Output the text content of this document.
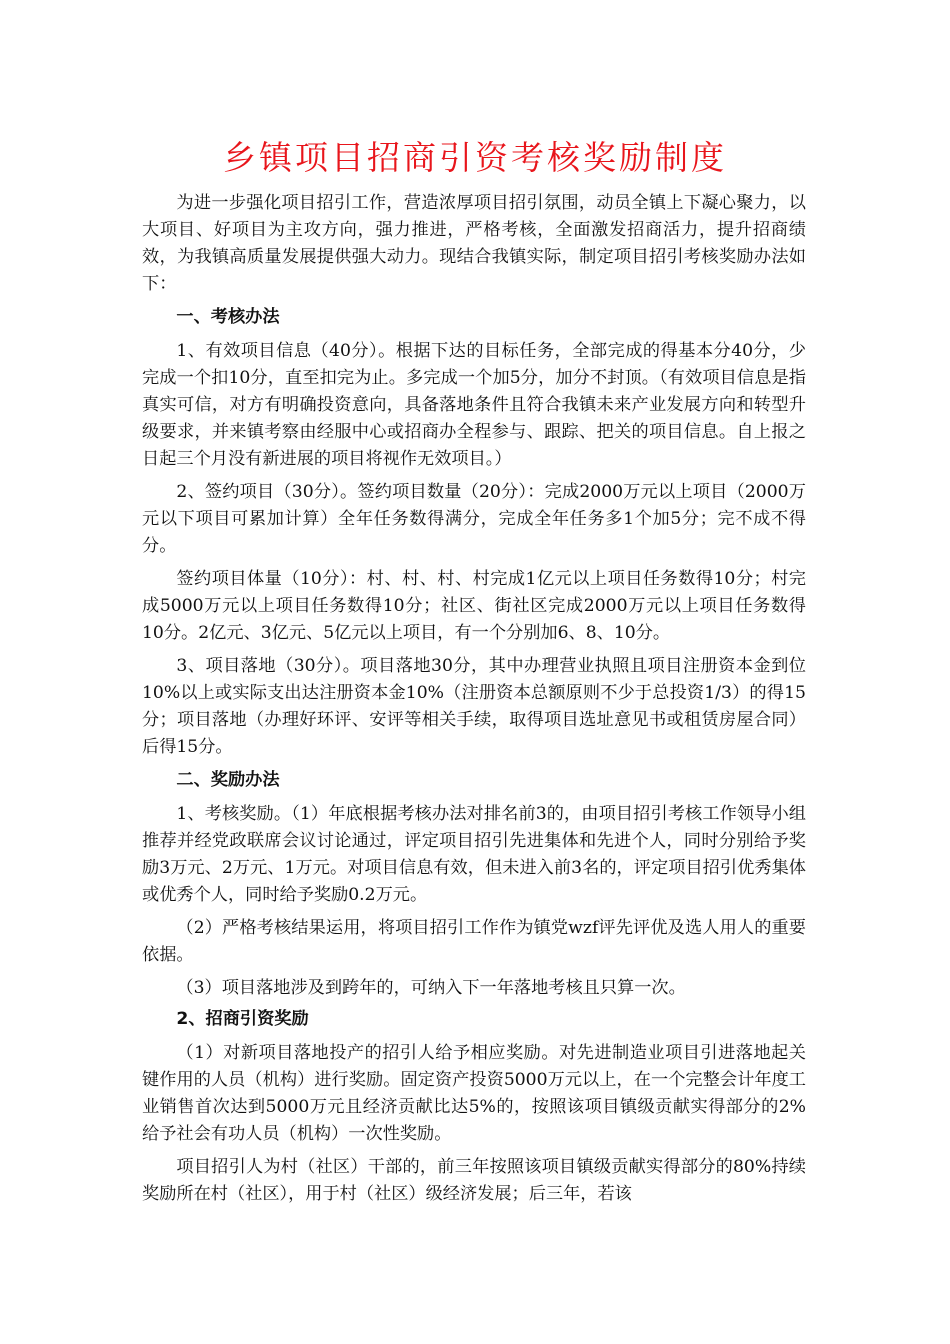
乡镇项目招商引资考核奖励制度

为进一步强化项目招引工作，营造浓厚项目招引氛围，动员全镇上下凝心聚力，以大项目、好项目为主攻方向，强力推进，严格考核，全面激发招商活力，提升招商绩效，为我镇高质量发展提供强大动力。现结合我镇实际，制定项目招引考核奖励办法如下：

一、考核办法

1、有效项目信息（40分）。根据下达的目标任务，全部完成的得基本分40分，少完成一个扣10分，直至扣完为止。多完成一个加5分，加分不封顶。（有效项目信息是指真实可信，对方有明确投资意向，具备落地条件且符合我镇未来产业发展方向和转型升级要求，并来镇考察由经服中心或招商办全程参与、跟踪、把关的项目信息。自上报之日起三个月没有新进展的项目将视作无效项目。）

2、签约项目（30分）。签约项目数量（20分）：完成2000万元以上项目（2000万元以下项目可累加计算）全年任务数得满分，完成全年任务多1个加5分；完不成不得分。

签约项目体量（10分）：村、村、村、村完成1亿元以上项目任务数得10分；村完成5000万元以上项目任务数得10分；社区、街社区完成2000万元以上项目任务数得10分。2亿元、3亿元、5亿元以上项目，有一个分别加6、8、10分。

3、项目落地（30分）。项目落地30分，其中办理营业执照且项目注册资本金到位10%以上或实际支出达注册资本金10%（注册资本总额原则不少于总投资1/3）的得15分；项目落地（办理好环评、安评等相关手续，取得项目选址意见书或租赁房屋合同）后得15分。

二、奖励办法

1、考核奖励。（1）年底根据考核办法对排名前3的，由项目招引考核工作领导小组推荐并经党政联席会议讨论通过，评定项目招引先进集体和先进个人，同时分别给予奖励3万元、2万元、1万元。对项目信息有效，但未进入前3名的，评定项目招引优秀集体或优秀个人，同时给予奖励0.2万元。

（2）严格考核结果运用，将项目招引工作作为镇党wzf评先评优及选人用人的重要依据。

（3）项目落地涉及到跨年的，可纳入下一年落地考核且只算一次。

2、招商引资奖励

（1）对新项目落地投产的招引人给予相应奖励。对先进制造业项目引进落地起关键作用的人员（机构）进行奖励。固定资产投资5000万元以上，在一个完整会计年度工业销售首次达到5000万元且经济贡献比达5%的，按照该项目镇级贡献实得部分的2%给予社会有功人员（机构）一次性奖励。

项目招引人为村（社区）干部的，前三年按照该项目镇级贡献实得部分的80%持续奖励所在村（社区），用于村（社区）级经济发展；后三年，若该
